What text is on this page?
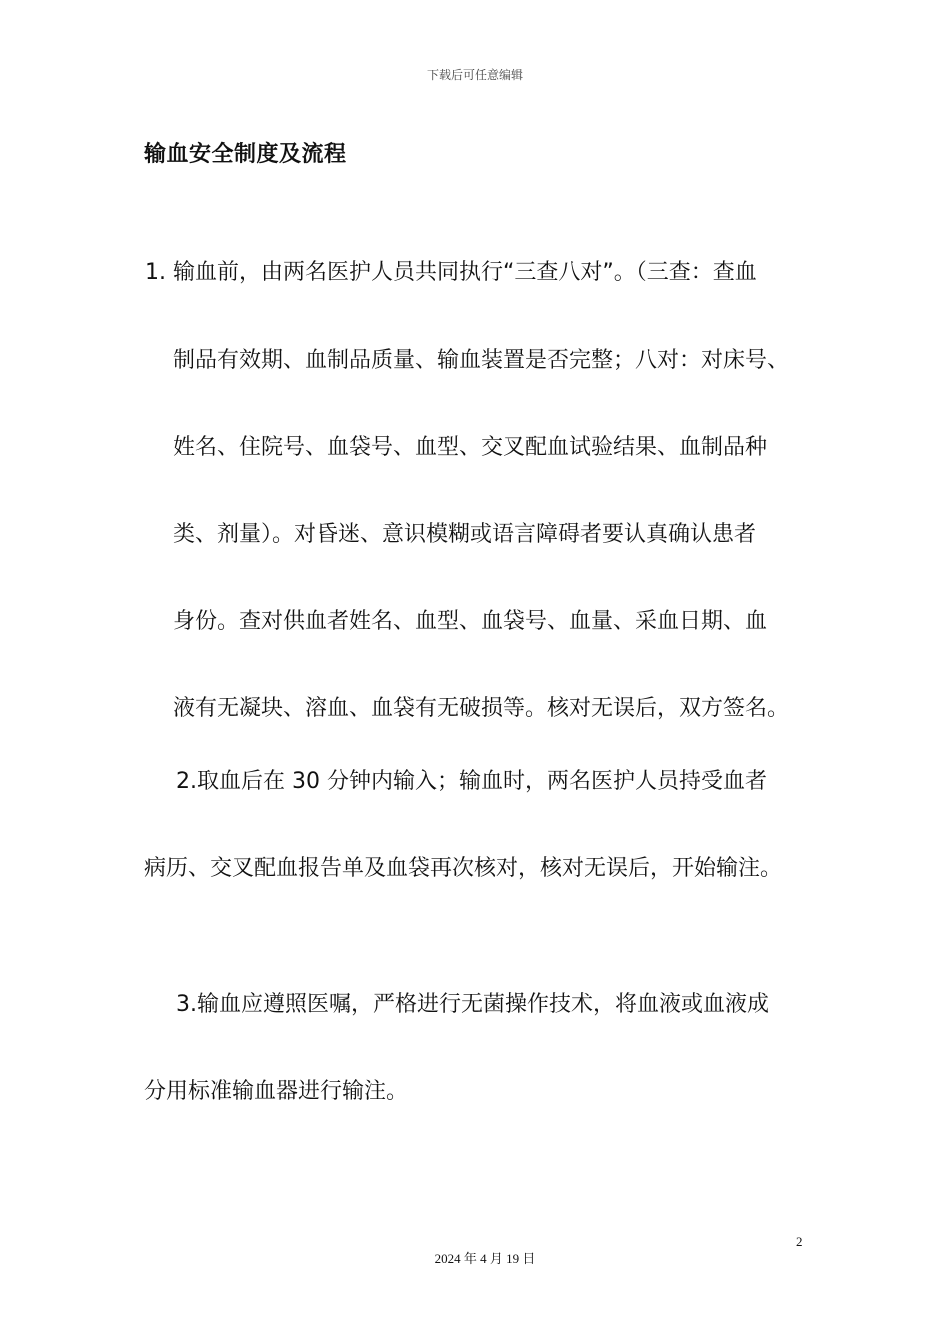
下载后可任意编辑
输血安全制度及流程
1. 输血前，由两名医护人员共同执行“三查八对”。（三查：查血
制品有效期、血制品质量、输血装置是否完整；八对：对床号、
姓名、住院号、血袋号、血型、交叉配血试验结果、血制品种
类、剂量）。对昏迷、意识模糊或语言障碍者要认真确认患者
身份。查对供血者姓名、血型、血袋号、血量、采血日期、血
液有无凝块、溶血、血袋有无破损等。核对无误后，双方签名。
2.取血后在 30 分钟内输入；输血时，两名医护人员持受血者
病历、交叉配血报告单及血袋再次核对，核对无误后，开始输注。
3.输血应遵照医嘱，严格进行无菌操作技术，将血液或血液成
分用标准输血器进行输注。
2
2024 年 4 月 19 日
